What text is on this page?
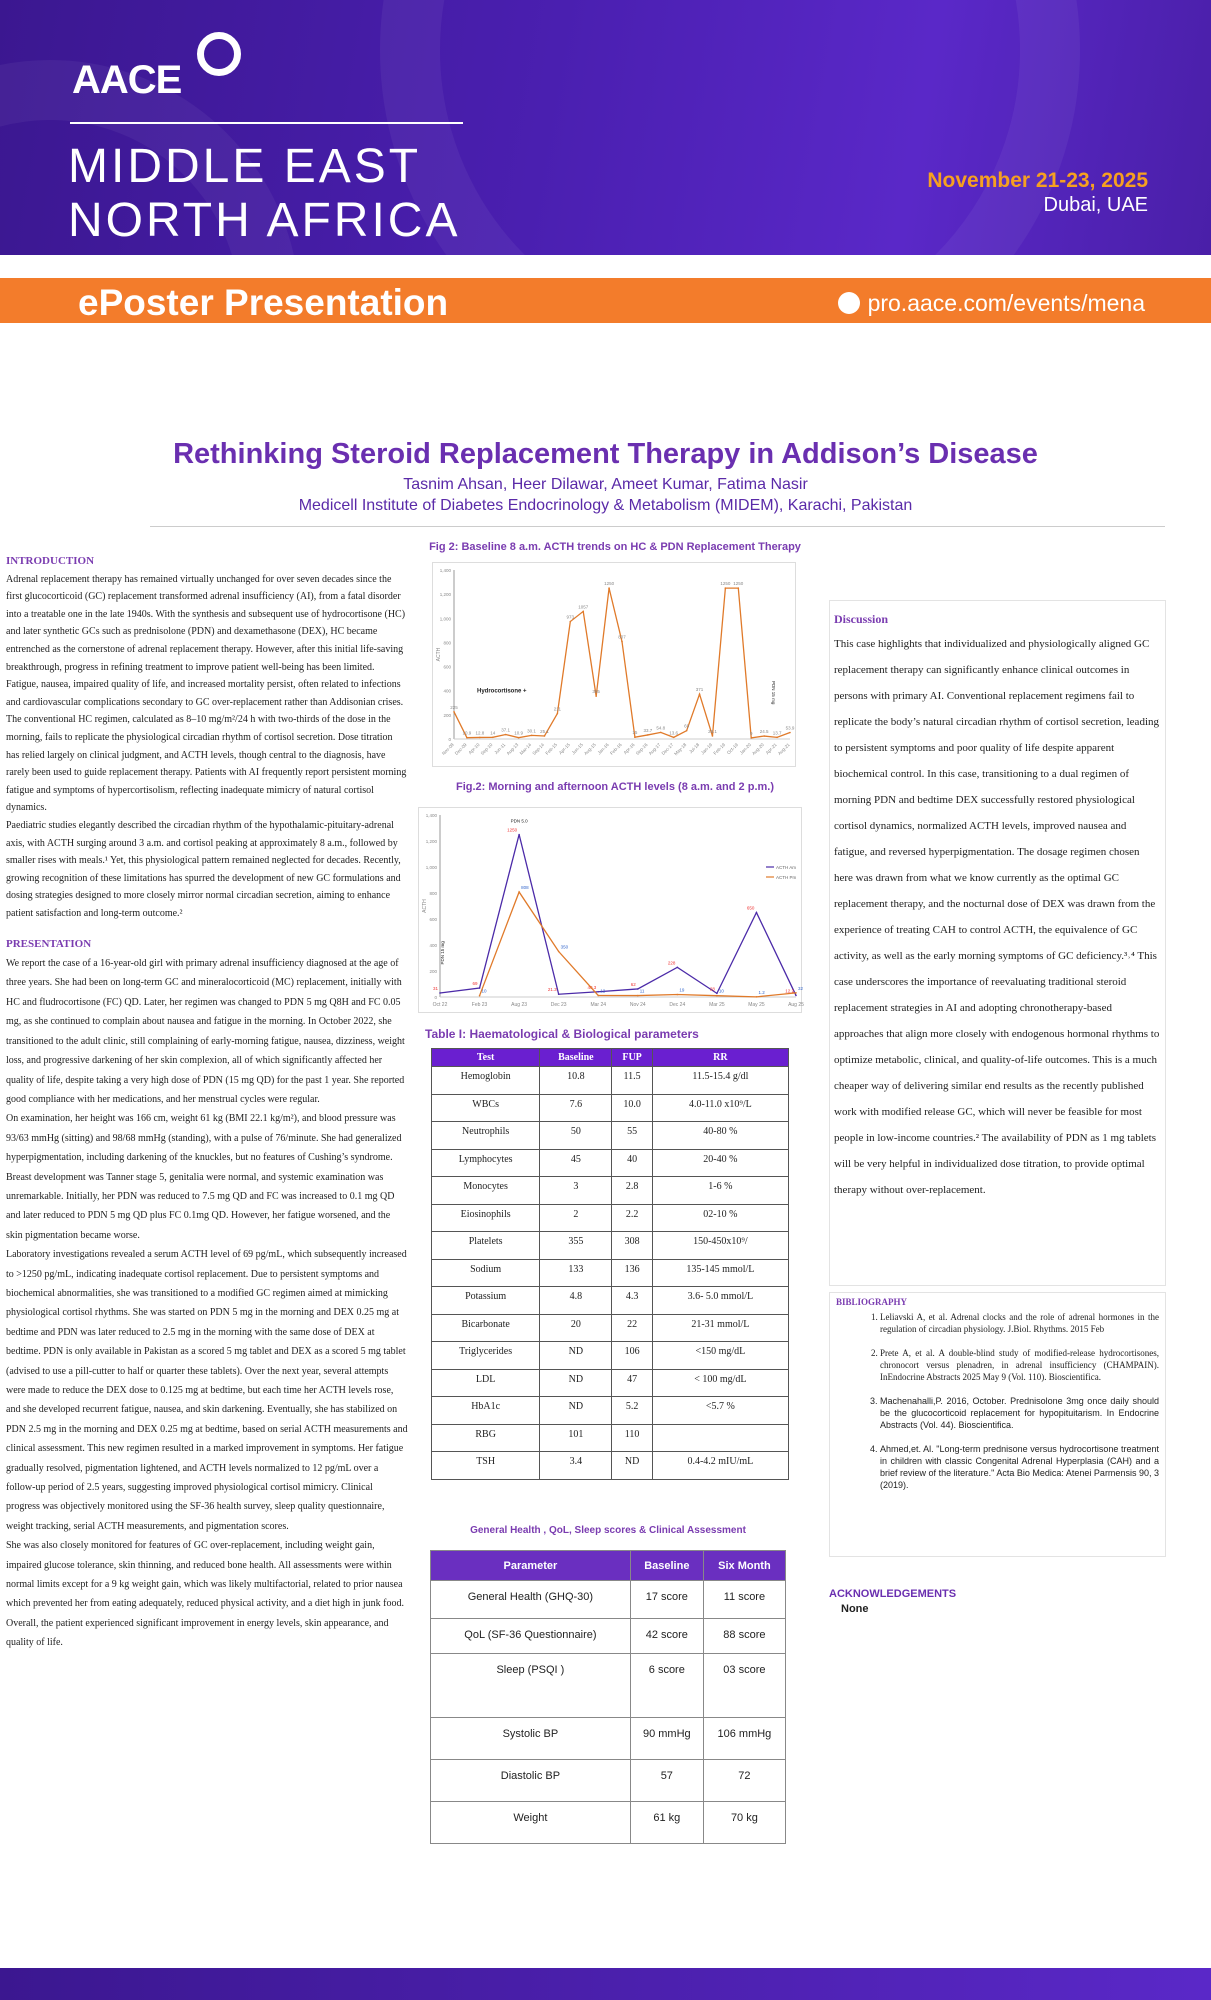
AACE
MIDDLE EAST
NORTH AFRICA
November 21-23, 2025
Dubai, UAE
ePoster Presentation	pro.aace.com/events/mena
Rethinking Steroid Replacement Therapy in Addison’s Disease
Tasnim Ahsan, Heer Dilawar, Ameet Kumar, Fatima Nasir
Medicell Institute of Diabetes Endocrinology & Metabolism (MIDEM), Karachi, Pakistan
INTRODUCTION

Adrenal replacement therapy has remained virtually unchanged for over seven decades since the first glucocorticoid (GC) replacement transformed adrenal insufficiency (AI), from a fatal disorder into a treatable one in the late 1940s. With the synthesis and subsequent use of hydrocortisone (HC) and later synthetic GCs such as prednisolone (PDN) and dexamethasone (DEX), HC became entrenched as the cornerstone of adrenal replacement therapy. However, after this initial life-saving breakthrough, progress in refining treatment to improve patient well-being has been limited. Fatigue, nausea, impaired quality of life, and increased mortality persist, often related to infections and cardiovascular complications secondary to GC over-replacement rather than Addisonian crises.

The conventional HC regimen, calculated as 8–10 mg/m²/24 h with two-thirds of the dose in the morning, fails to replicate the physiological circadian rhythm of cortisol secretion. Dose titration has relied largely on clinical judgment, and ACTH levels, though central to the diagnosis, have rarely been used to guide replacement therapy. Patients with AI frequently report persistent morning fatigue and symptoms of hypercortisolism, reflecting inadequate mimicry of natural cortisol dynamics.

Paediatric studies elegantly described the circadian rhythm of the hypothalamic-pituitary-adrenal axis, with ACTH surging around 3 a.m. and cortisol peaking at approximately 8 a.m., followed by smaller rises with meals.¹ Yet, this physiological pattern remained neglected for decades. Recently, growing recognition of these limitations has spurred the development of new GC formulations and dosing strategies designed to more closely mirror normal circadian secretion, aiming to enhance patient satisfaction and long-term outcome.²

PRESENTATION

We report the case of a 16-year-old girl with primary adrenal insufficiency diagnosed at the age of three years. She had been on long-term GC and mineralocorticoid (MC) replacement, initially with HC and fludrocortisone (FC) QD. Later, her regimen was changed to PDN 5 mg Q8H and FC 0.05 mg, as she continued to complain about nausea and fatigue in the morning. In October 2022, she transitioned to the adult clinic, still complaining of early-morning fatigue, nausea, dizziness, weight loss, and progressive darkening of her skin complexion, all of which significantly affected her quality of life, despite taking a very high dose of PDN (15 mg QD) for the past 1 year. She reported good compliance with her medications, and her menstrual cycles were regular.

On examination, her height was 166 cm, weight 61 kg (BMI 22.1 kg/m²), and blood pressure was 93/63 mmHg (sitting) and 98/68 mmHg (standing), with a pulse of 76/minute. She had generalized hyperpigmentation, including darkening of the knuckles, but no features of Cushing’s syndrome. Breast development was Tanner stage 5, genitalia were normal, and systemic examination was unremarkable. Initially, her PDN was reduced to 7.5 mg QD and FC was increased to 0.1 mg QD and later reduced to PDN 5 mg QD plus FC 0.1mg QD. However, her fatigue worsened, and the skin pigmentation became worse.

Laboratory investigations revealed a serum ACTH level of 69 pg/mL, which subsequently increased to >1250 pg/mL, indicating inadequate cortisol replacement. Due to persistent symptoms and biochemical abnormalities, she was transitioned to a modified GC regimen aimed at mimicking physiological cortisol rhythms. She was started on PDN 5 mg in the morning and DEX 0.25 mg at bedtime and PDN was later reduced to 2.5 mg in the morning with the same dose of DEX at bedtime. PDN is only available in Pakistan as a scored 5 mg tablet and DEX as a scored 5 mg tablet (advised to use a pill-cutter to half or quarter these tablets). Over the next year, several attempts were made to reduce the DEX dose to 0.125 mg at bedtime, but each time her ACTH levels rose, and she developed recurrent fatigue, nausea, and skin darkening. Eventually, she has stabilized on PDN 2.5 mg in the morning and DEX 0.25 mg at bedtime, based on serial ACTH measurements and clinical assessment. This new regimen resulted in a marked improvement in symptoms. Her fatigue gradually resolved, pigmentation lightened, and ACTH levels normalized to 12 pg/mL over a follow-up period of 2.5 years, suggesting improved physiological cortisol mimicry. Clinical progress was objectively monitored using the SF-36 health survey, sleep quality questionnaire, weight tracking, serial ACTH measurements, and pigmentation scores.

She was also closely monitored for features of GC over-replacement, including weight gain, impaired glucose tolerance, skin thinning, and reduced bone health. All assessments were within normal limits except for a 9 kg weight gain, which was likely multifactorial, related to prior nausea which prevented her from eating adequately, reduced physical activity, and a diet high in junk food. Overall, the patient experienced significant improvement in energy levels, skin appearance, and quality of life.

Fig 2: Baseline 8 a.m. ACTH trends on HC & PDN Replacement Therapy
0
200
400
600
800
1,000
1,200
1,400
ACTH
Nov-08 Dec-09 Apr-10 Sep-10 Jun-11 Aug-13 Mar-14 Sep-14 Feb-15 Apr-15 Jun-15 Aug-15 Jan-16 Feb-16 Apr-16 Sep-16 Aug-17 Dec-17
May-18 Jul-18 Jan-19 Feb-19 Oct-19 Jan-20 Aug-20 Apr-21 Aug-21
225
10.9 12.8 14
37.1
10.9 30.1 25.1
211
973
1057
355
1250
807
15 33.7
54.8
13.6
69
371
25.1
1250 1250
9 24.5 13.7
53.9
Hydrocortisone +	PDN 15 mg
Fig.2: Morning and afternoon ACTH levels (8 a.m. and 2 p.m.)
0
200
400
600
800
1,000
1,200
1,400
ACTH
Oct 22	Feb 23	Aug 23	Dec 23	Mar 24	Nov 24	Dec 24	Mar 25	May 25	Aug 25
31
69
1250
21.3	40.3
62
228
28
650
12.2
ACTH Am
10
808
350
12	11	19	10	1.2
32
ACTH Pm
PDN 15 mg
PDN 5.0
Table I: Haematological & Biological parameters
Test	Baseline	FUP	RR
Hemoglobin	10.8	11.5	11.5-15.4 g/dl
WBCs	7.6	10.0	4.0-11.0 x10⁹/L
Neutrophils	50	55	40-80 %
Lymphocytes	45	40	20-40 %
Monocytes	3	2.8	1-6 %
Eiosinophils	2	2.2	02-10 %
Platelets	355	308	150-450x10⁹/
Sodium	133	136	135-145 mmol/L
Potassium	4.8	4.3	3.6- 5.0 mmol/L
Bicarbonate	20	22	21-31 mmol/L
Triglycerides	ND	106	<150 mg/dL
LDL	ND	47	< 100 mg/dL
HbA1c	ND	5.2	<5.7 %
RBG	101	110	
TSH	3.4	ND	0.4-4.2 mIU/mL
General Health , QoL, Sleep scores & Clinical Assessment
Parameter	Baseline	Six Month
General Health (GHQ-30)	17 score	11 score
QoL (SF-36 Questionnaire)	42 score	88 score
Sleep (PSQI )	6 score	03 score
Systolic BP	90 mmHg	106 mmHg
Diastolic BP	57	72
Weight	61 kg	70 kg
Discussion
This case highlights that individualized and physiologically aligned GC replacement therapy can significantly enhance clinical outcomes in persons with primary AI. Conventional replacement regimens fail to replicate the body’s natural circadian rhythm of cortisol secretion, leading to persistent symptoms and poor quality of life despite apparent biochemical control. In this case, transitioning to a dual regimen of morning PDN and bedtime DEX successfully restored physiological cortisol dynamics, normalized ACTH levels, improved nausea and fatigue, and reversed hyperpigmentation. The dosage regimen chosen here was drawn from what we know currently as the optimal GC replacement therapy, and the nocturnal dose of DEX was drawn from the experience of treating CAH to control ACTH, the equivalence of GC activity, as well as the early morning symptoms of GC deficiency.³˒⁴ This case underscores the importance of reevaluating traditional steroid replacement strategies in AI and adopting chronotherapy-based approaches that align more closely with endogenous hormonal rhythms to optimize metabolic, clinical, and quality-of-life outcomes. This is a much cheaper way of delivering similar end results as the recently published work with modified release GC, which will never be feasible for most people in low-income countries.² The availability of PDN as 1 mg tablets will be very helpful in individualized dose titration, to provide optimal therapy without over-replacement.
BIBLIOGRAPHY
1. Leliavski A, et al. Adrenal clocks and the role of adrenal hormones in the regulation of circadian physiology. J.Biol. Rhythms. 2015 Feb
2. Prete A, et al. A double-blind study of modified-release hydrocortisones, chronocort versus plenadren, in adrenal insufficiency (CHAMPAIN). InEndocrine Abstracts 2025 May 9 (Vol. 110). Bioscientifica.
3. Machenahalli,P. 2016, October. Prednisolone 3mg once daily should be the glucocorticoid replacement for hypopituitarism. In Endocrine Abstracts (Vol. 44). Bioscientifica.
4. Ahmed,et. Al. "Long-term prednisone versus hydrocortisone treatment in children with classic Congenital Adrenal Hyperplasia (CAH) and a brief review of the literature." Acta Bio Medica: Atenei Parmensis 90, 3 (2019).
ACKNOWLEDGEMENTS
None
